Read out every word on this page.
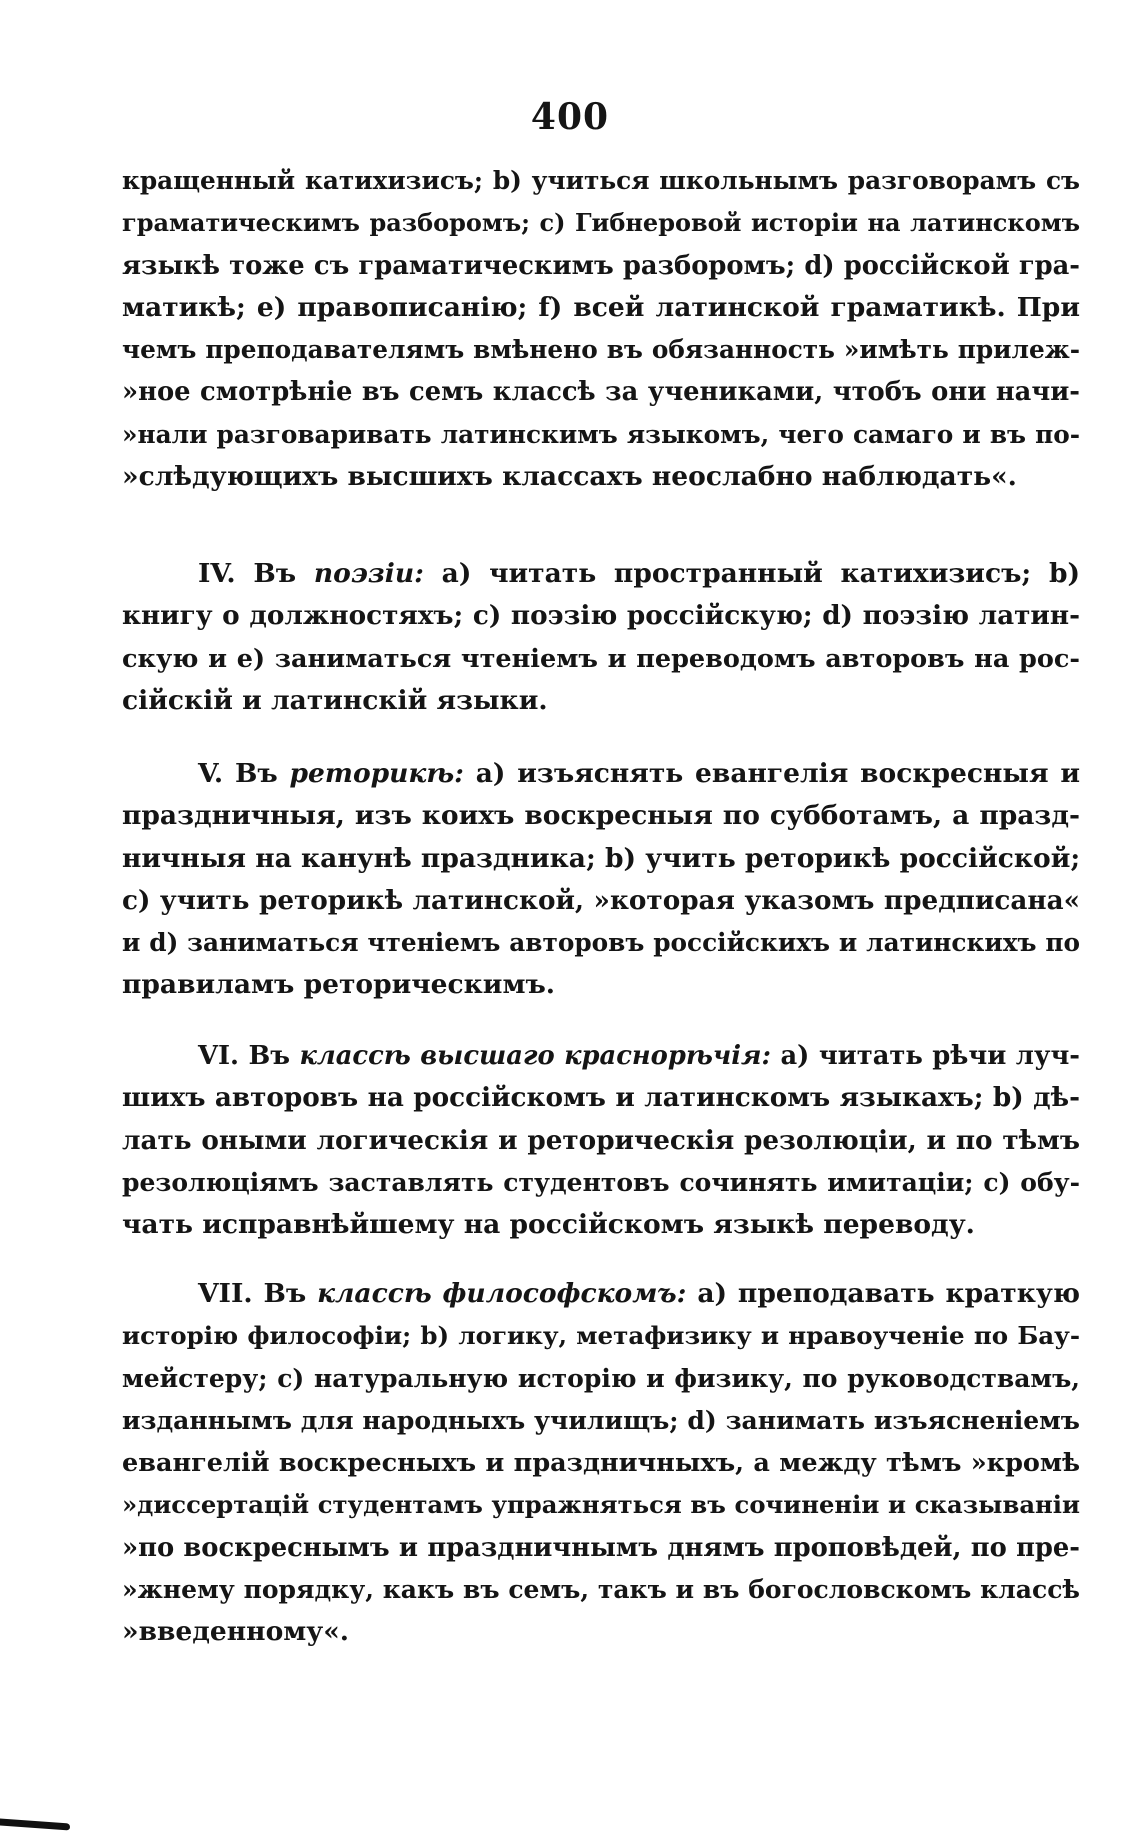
400
кращенный катихизисъ; b) учиться школьнымъ разговорамъ съ
граматическимъ разборомъ; c) Гибнеровой исторіи на латинскомъ
языкѣ тоже съ граматическимъ разборомъ; d) россійской гра-
матикѣ; e) правописанію; f) всей латинской граматикѣ. При
чемъ преподавателямъ вмѣнено въ обязанность »имѣть прилеж-
»ное смотрѣніе въ семъ классѣ за учениками, чтобъ они начи-
»нали разговаривать латинскимъ языкомъ, чего самаго и въ по-
»слѣдующихъ высшихъ классахъ неослабно наблюдать«.
IV. Въ поэзіи: a) читать пространный катихизисъ; b)
книгу о должностяхъ; c) поэзію россійскую; d) поэзію латин-
скую и e) заниматься чтеніемъ и переводомъ авторовъ на рос-
сійскій и латинскій языки.
V. Въ реторикѣ: a) изъяснять евангелія воскресныя и
праздничныя, изъ коихъ воскресныя по субботамъ, а празд-
ничныя на канунѣ праздника; b) учить реторикѣ россійской;
c) учить реторикѣ латинской, »которая указомъ предписана«
и d) заниматься чтеніемъ авторовъ россійскихъ и латинскихъ по
правиламъ реторическимъ.
VI. Въ классѣ высшаго краснорѣчія: a) читать рѣчи луч-
шихъ авторовъ на россійскомъ и латинскомъ языкахъ; b) дѣ-
лать оными логическія и реторическія резолюціи, и по тѣмъ
резолюціямъ заставлять студентовъ сочинять имитаціи; c) обу-
чать исправнѣйшему на россійскомъ языкѣ переводу.
VII. Въ классѣ философскомъ: a) преподавать краткую
исторію философіи; b) логику, метафизику и нравоученіе по Бау-
мейстеру; c) натуральную исторію и физику, по руководствамъ,
изданнымъ для народныхъ училищъ; d) занимать изъясненіемъ
евангелій воскресныхъ и праздничныхъ, а между тѣмъ »кромѣ
»диссертацій студентамъ упражняться въ сочиненіи и сказываніи
»по воскреснымъ и праздничнымъ днямъ проповѣдей, по пре-
»жнему порядку, какъ въ семъ, такъ и въ богословскомъ классѣ
»введенному«.
